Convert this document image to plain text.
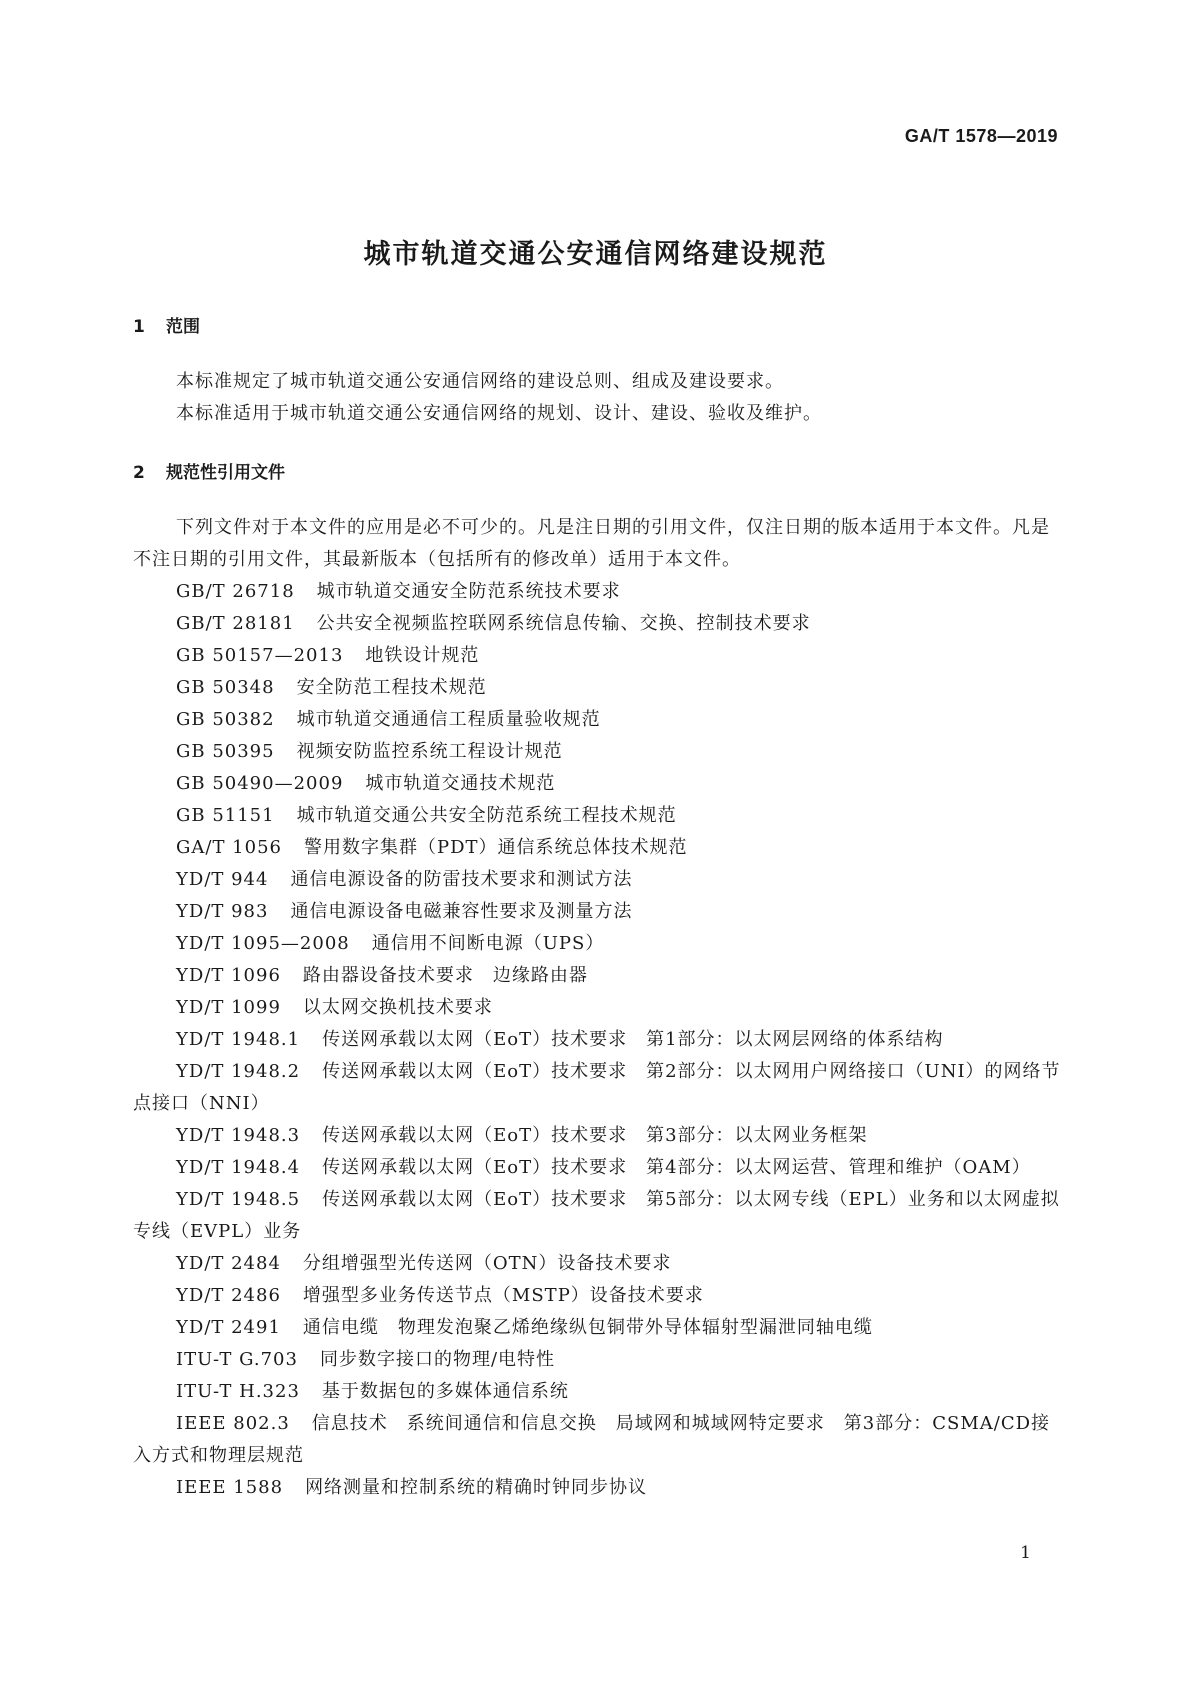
GA/T 1578—2019
城市轨道交通公安通信网络建设规范
1 范围

本标准规定了城市轨道交通公安通信网络的建设总则、组成及建设要求。

本标准适用于城市轨道交通公安通信网络的规划、设计、建设、验收及维护。

2 规范性引用文件

下列文件对于本文件的应用是必不可少的。凡是注日期的引用文件，仅注日期的版本适用于本文件。凡是不注日期的引用文件，其最新版本（包括所有的修改单）适用于本文件。

GB/T 26718 城市轨道交通安全防范系统技术要求

GB/T 28181 公共安全视频监控联网系统信息传输、交换、控制技术要求

GB 50157—2013 地铁设计规范

GB 50348 安全防范工程技术规范

GB 50382 城市轨道交通通信工程质量验收规范

GB 50395 视频安防监控系统工程设计规范

GB 50490—2009 城市轨道交通技术规范

GB 51151 城市轨道交通公共安全防范系统工程技术规范

GA/T 1056 警用数字集群（PDT）通信系统总体技术规范

YD/T 944 通信电源设备的防雷技术要求和测试方法

YD/T 983 通信电源设备电磁兼容性要求及测量方法

YD/T 1095—2008 通信用不间断电源（UPS）

YD/T 1096 路由器设备技术要求　边缘路由器

YD/T 1099 以太网交换机技术要求

YD/T 1948.1 传送网承载以太网（EoT）技术要求　第1部分：以太网层网络的体系结构

YD/T 1948.2 传送网承载以太网（EoT）技术要求　第2部分：以太网用户网络接口（UNI）的网络节点接口（NNI）

YD/T 1948.3 传送网承载以太网（EoT）技术要求　第3部分：以太网业务框架

YD/T 1948.4 传送网承载以太网（EoT）技术要求　第4部分：以太网运营、管理和维护（OAM）

YD/T 1948.5 传送网承载以太网（EoT）技术要求　第5部分：以太网专线（EPL）业务和以太网虚拟专线（EVPL）业务

YD/T 2484 分组增强型光传送网（OTN）设备技术要求

YD/T 2486 增强型多业务传送节点（MSTP）设备技术要求

YD/T 2491 通信电缆　物理发泡聚乙烯绝缘纵包铜带外导体辐射型漏泄同轴电缆

ITU-T G.703 同步数字接口的物理/电特性

ITU-T H.323 基于数据包的多媒体通信系统

IEEE 802.3 信息技术　系统间通信和信息交换　局域网和城域网特定要求　第3部分：CSMA/CD接入方式和物理层规范

IEEE 1588 网络测量和控制系统的精确时钟同步协议

1
